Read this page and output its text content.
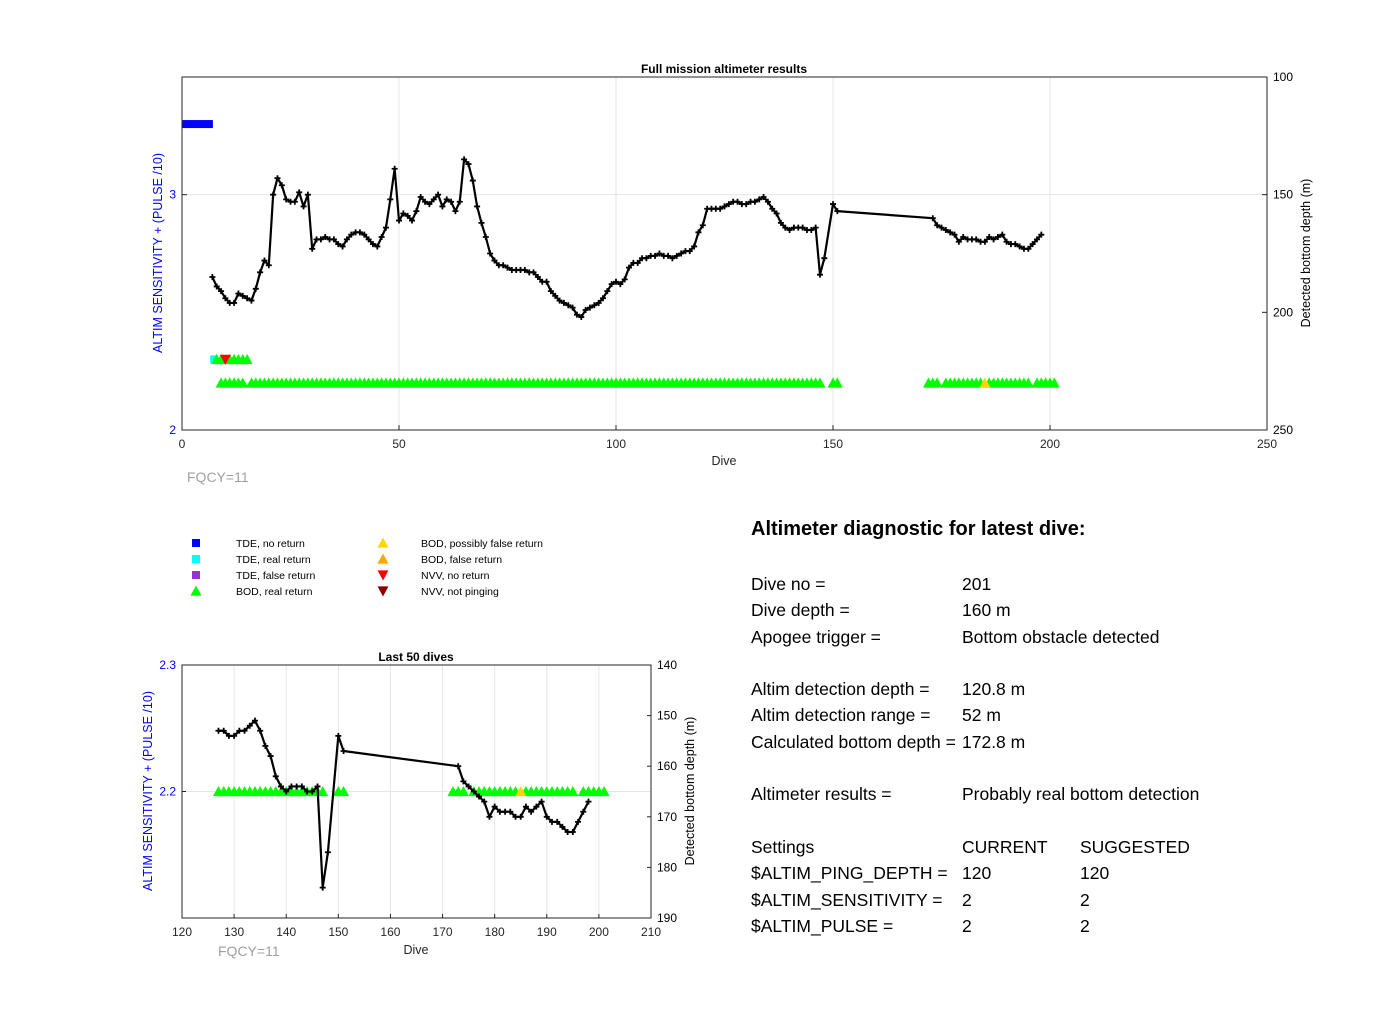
0	50	100	150	200	250
2
3
100
150
200
250
Full mission altimeter results
Dive
ALTIM SENSITIVITY + (PULSE /10)	Detected bottom depth (m)
FQCY=11
TDE, no return
TDE, real return
TDE, false return
BOD, real return
BOD, possibly false return
BOD, false return
NVV, no return
NVV, not pinging
120	130	140	150	160	170	180	190	200	210
2.2
2.3	140
150
160
170
180
190
Last 50 dives
Dive
ALTIM SENSITIVITY + (PULSE /10)	Detected bottom depth (m)
FQCY=11
Altimeter diagnostic for latest dive:
Dive no =	201
Dive depth =	160 m
Apogee trigger =	Bottom obstacle detected
Altim detection depth =	120.8 m
Altim detection range =	52 m
Calculated bottom depth = 172.8 m
Altimeter results =	Probably real bottom detection
Settings	CURRENT	SUGGESTED
$ALTIM_PING_DEPTH = 120	120
$ALTIM_SENSITIVITY =	2	2
$ALTIM_PULSE =	2	2
